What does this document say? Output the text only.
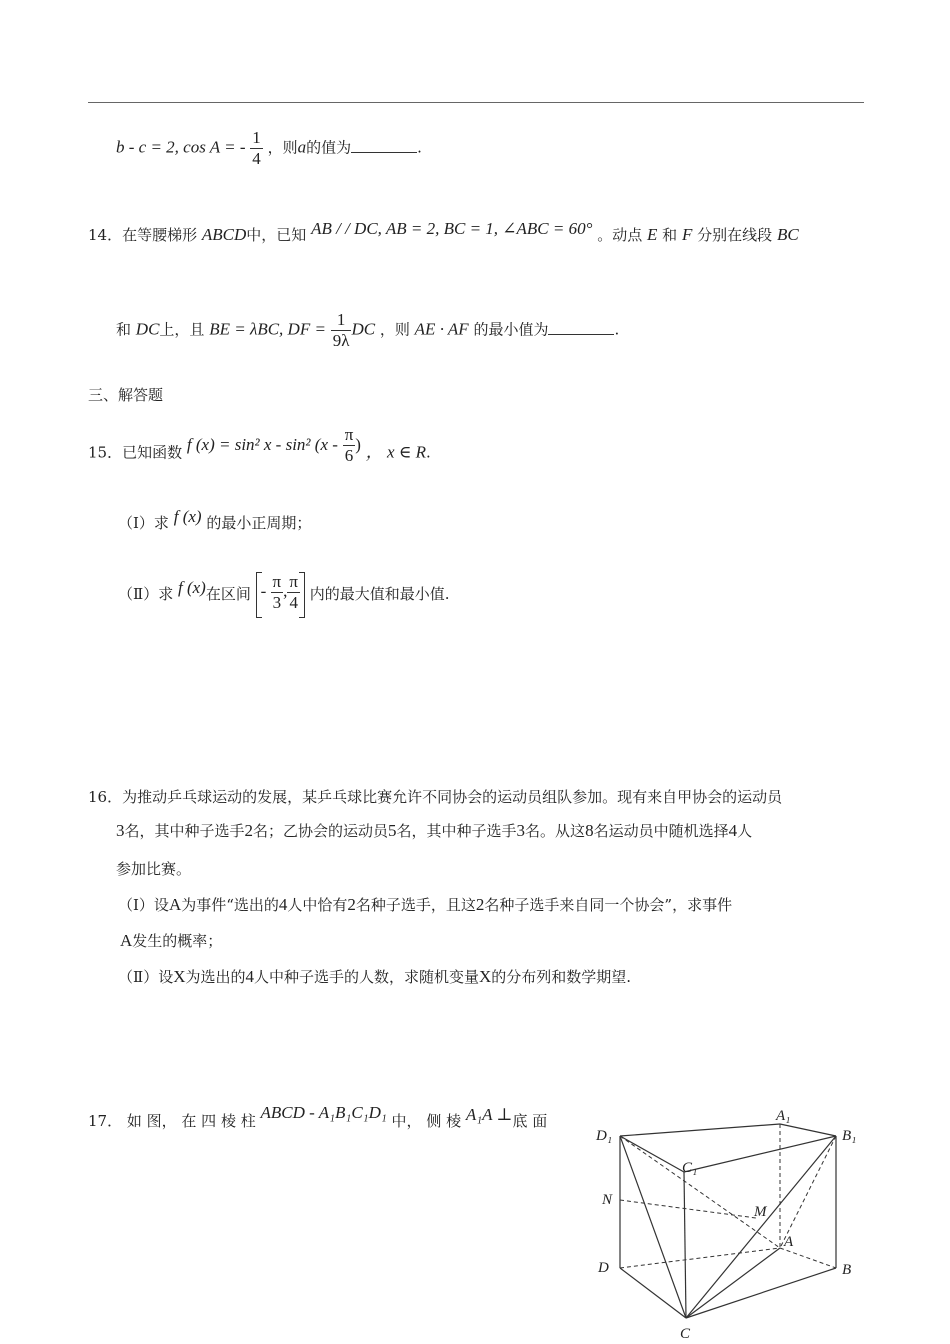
b - c = 2, cos A = - $\frac{1}{4}$ ，则a的值为	.
14．在等腰梯形 ABCD中，已知 AB / / DC, AB = 2, BC = 1, ∠ABC = 60° 。动点 E 和 F 分别在线段 BC
和 DC上，且 BE = λBC, DF = $\frac{1}{9\lambda}$ DC ，则 AE · AF 的最小值为	.
三、解答题
15．已知函数 f (x) = sin² x - sin² ($x - \frac{\pi}{6}$ ) ， x ∈ R.
（Ⅰ）求 f (x) 的最小正周期；
（Ⅱ）求 f (x)在区间 - $\frac{\pi}{3}$ , $\frac{\pi}{4}$ 内的最大值和最小值.
16．为推动乒乓球运动的发展，某乒乓球比赛允许不同协会的运动员组队参加。现有来自甲协会的运动员
3名，其中种子选手2名；乙协会的运动员5名，其中种子选手3名。从这8名运动员中随机选择4人
参加比赛。
（Ⅰ）设A为事件“选出的4人中恰有2名种子选手，且这2名种子选手来自同一个协会”，求事件
A发生的概率；
（Ⅱ）设X为选出的4人中种子选手的人数，求随机变量X的分布列和数学期望.
17． 如 图， 在 四 棱 柱 ABCD - A₁B₁C₁D₁ 中， 侧 棱 A₁A ⊥底 面
D₁
A₁
B₁
C₁
N
M
A
D	B
C
